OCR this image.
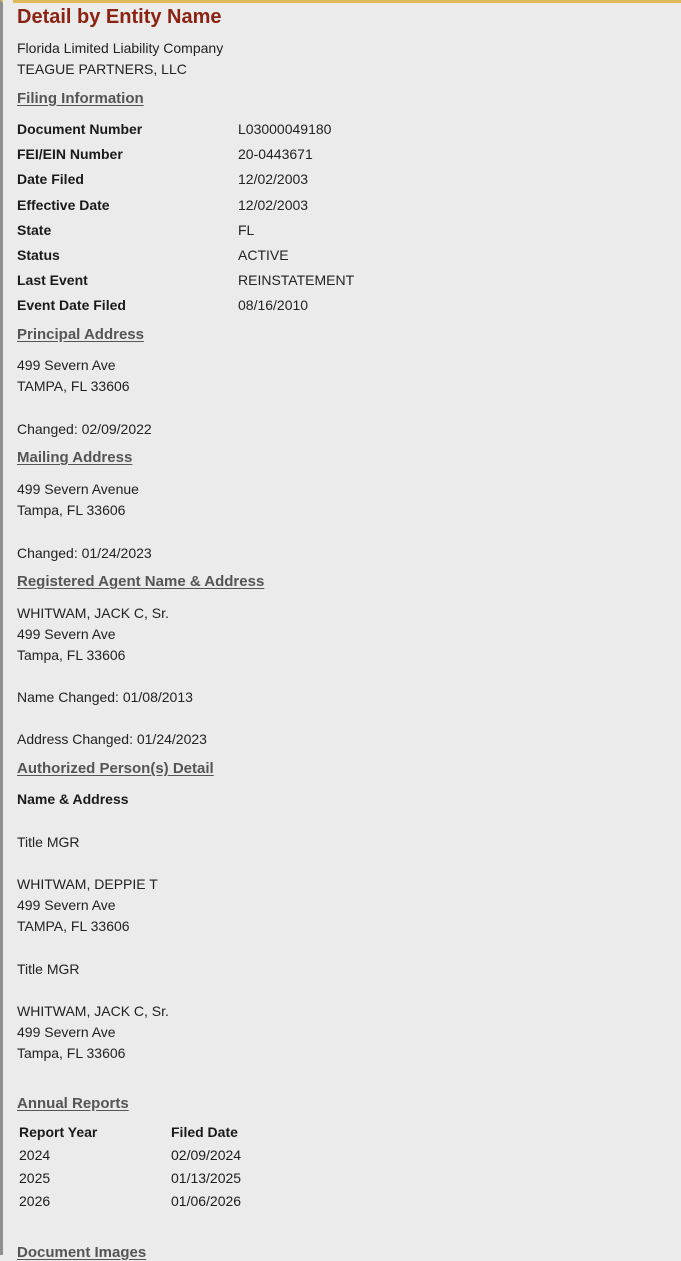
Detail by Entity Name
Florida Limited Liability Company
TEAGUE PARTNERS, LLC
Filing Information
Document Number	L03000049180
FEI/EIN Number	20-0443671
Date Filed	12/02/2003
Effective Date	12/02/2003
State	FL
Status	ACTIVE
Last Event	REINSTATEMENT
Event Date Filed	08/16/2010
Principal Address
499 Severn Ave
TAMPA, FL 33606
Changed: 02/09/2022
Mailing Address
499 Severn Avenue
Tampa, FL 33606
Changed: 01/24/2023
Registered Agent Name & Address
WHITWAM, JACK C, Sr.
499 Severn Ave
Tampa, FL 33606
Name Changed: 01/08/2013
Address Changed: 01/24/2023
Authorized Person(s) Detail
Name & Address
Title MGR
WHITWAM, DEPPIE T
499 Severn Ave
TAMPA, FL 33606
Title MGR
WHITWAM, JACK C, Sr.
499 Severn Ave
Tampa, FL 33606
Annual Reports
Report Year	Filed Date
2024	02/09/2024
2025	01/13/2025
2026	01/06/2026
Document Images
